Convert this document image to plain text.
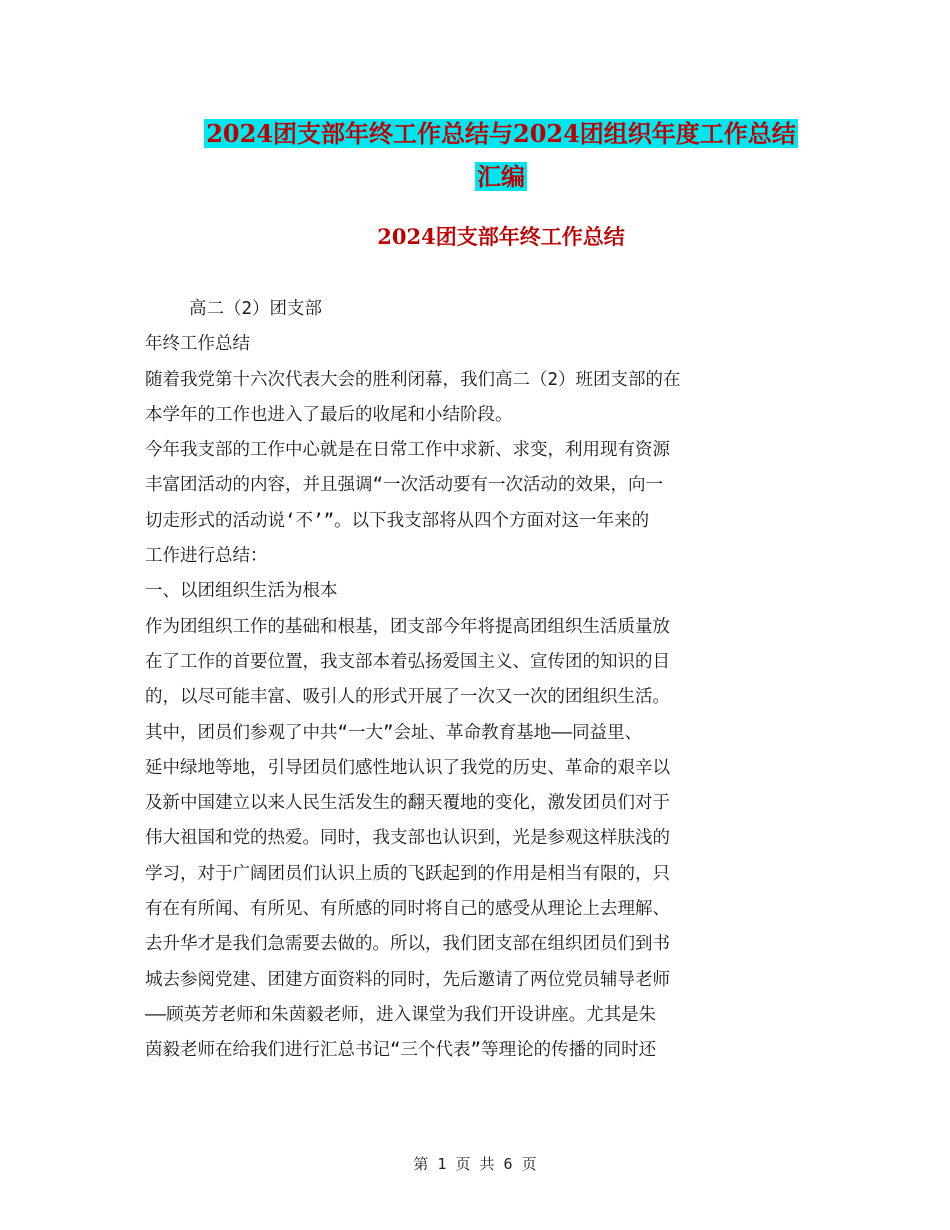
2024团支部年终工作总结与2024团组织年度工作总结
汇编
2024团支部年终工作总结

高二（2）团支部

年终工作总结

随着我党第十六次代表大会的胜利闭幕，我们高二（2）班团支部的在

本学年的工作也进入了最后的收尾和小结阶段。

今年我支部的工作中心就是在日常工作中求新、求变，利用现有资源

丰富团活动的内容，并且强调“一次活动要有一次活动的效果，向一

切走形式的活动说‘不’”。以下我支部将从四个方面对这一年来的

工作进行总结：

一、以团组织生活为根本

作为团组织工作的基础和根基，团支部今年将提高团组织生活质量放

在了工作的首要位置，我支部本着弘扬爱国主义、宣传团的知识的目

的，以尽可能丰富、吸引人的形式开展了一次又一次的团组织生活。

其中，团员们参观了中共“一大”会址、革命教育基地——同益里、

延中绿地等地，引导团员们感性地认识了我党的历史、革命的艰辛以

及新中国建立以来人民生活发生的翻天覆地的变化，激发团员们对于

伟大祖国和党的热爱。同时，我支部也认识到，光是参观这样肤浅的

学习，对于广阔团员们认识上质的飞跃起到的作用是相当有限的，只

有在有所闻、有所见、有所感的同时将自己的感受从理论上去理解、

去升华才是我们急需要去做的。所以，我们团支部在组织团员们到书

城去参阅党建、团建方面资料的同时，先后邀请了两位党员辅导老师

——顾英芳老师和朱茵毅老师，进入课堂为我们开设讲座。尤其是朱

茵毅老师在给我们进行汇总书记“三个代表”等理论的传播的同时还

第 1 页 共 6 页
